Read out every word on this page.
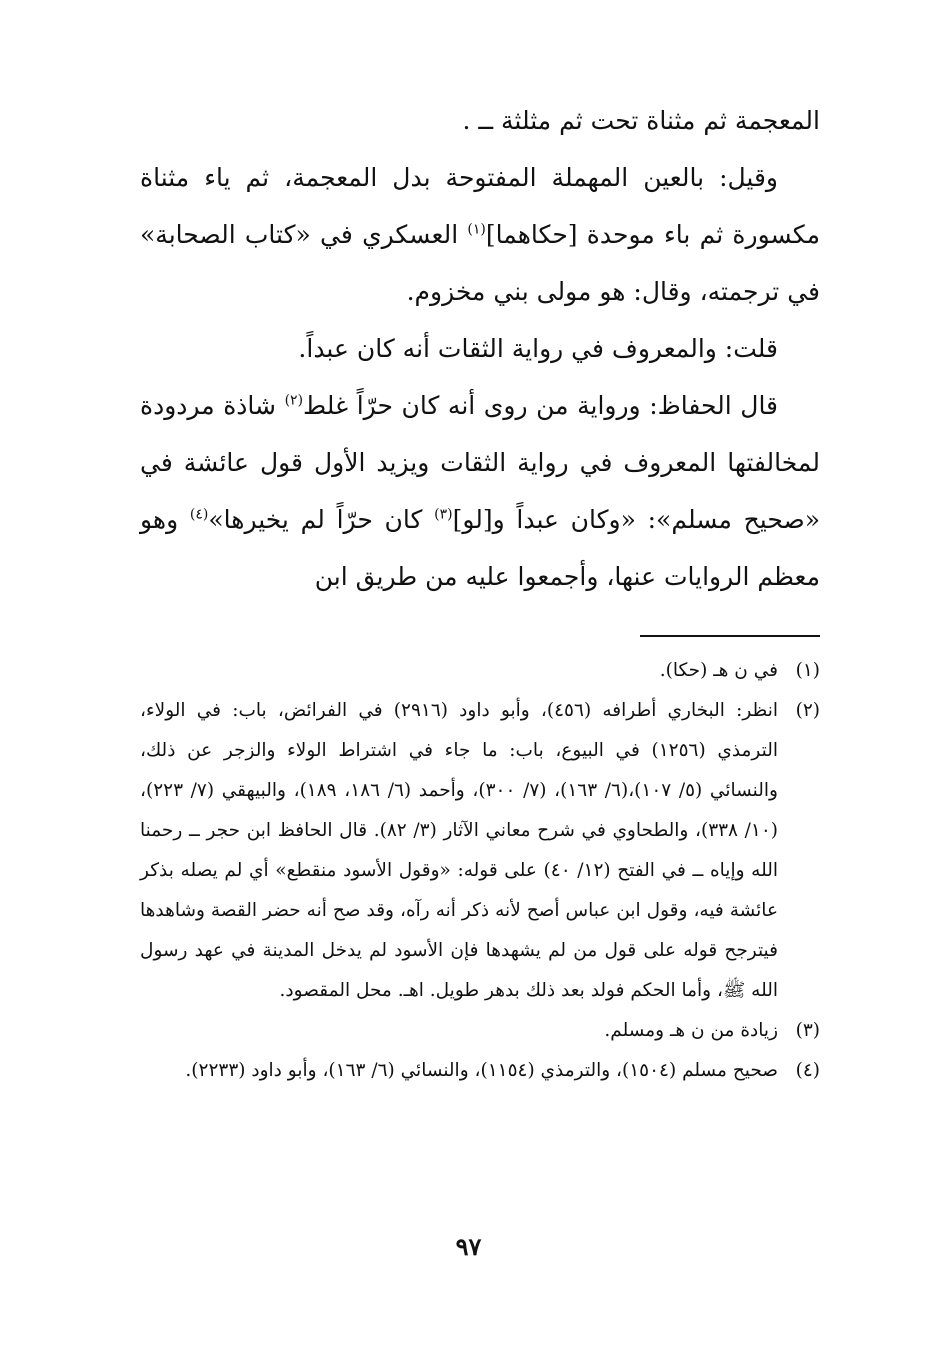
المعجمة ثم مثناة تحت ثم مثلثة ــ .

وقيل: بالعين المهملة المفتوحة بدل المعجمة، ثم ياء مثناة مكسورة ثم باء موحدة [حكاهما]$^{(١)}$ العسكري في «كتاب الصحابة» في ترجمته، وقال: هو مولى بني مخزوم.

قلت: والمعروف في رواية الثقات أنه كان عبداً.

قال الحفاظ: ورواية من روى أنه كان حرّاً غلط$^{(٢)}$ شاذة مردودة لمخالفتها المعروف في رواية الثقات ويزيد الأول قول عائشة في «صحيح مسلم»: «وكان عبداً و[لو]$^{(٣)}$ كان حرّاً لم يخيرها»$^{(٤)}$ وهو معظم الروايات عنها، وأجمعوا عليه من طريق ابن

(١)
في ن هـ (حكا).
(٢)
انظر: البخاري أطرافه (٤٥٦)، وأبو داود (٢٩١٦) في الفرائض، باب: في الولاء، الترمذي (١٢٥٦) في البيوع، باب: ما جاء في اشتراط الولاء والزجر عن ذلك، والنسائي (٥/ ١٠٧)،(٦/ ١٦٣)، (٧/ ٣٠٠)، وأحمد (٦/ ١٨٦، ١٨٩)، والبيهقي (٧/ ٢٢٣)، (١٠/ ٣٣٨)، والطحاوي في شرح معاني الآثار (٣/ ٨٢). قال الحافظ ابن حجر ــ رحمنا الله وإياه ــ في الفتح (١٢/ ٤٠) على قوله: «وقول الأسود منقطع» أي لم يصله بذكر عائشة فيه، وقول ابن عباس أصح لأنه ذكر أنه رآه، وقد صح أنه حضر القصة وشاهدها فيترجح قوله على قول من لم يشهدها فإن الأسود لم يدخل المدينة في عهد رسول الله ﷺ، وأما الحكم فولد بعد ذلك بدهر طويل. اهـ. محل المقصود.
(٣)
زيادة من ن هـ ومسلم.
(٤)
صحيح مسلم (١٥٠٤)، والترمذي (١١٥٤)، والنسائي (٦/ ١٦٣)، وأبو داود (٢٢٣٣).
٩٧
